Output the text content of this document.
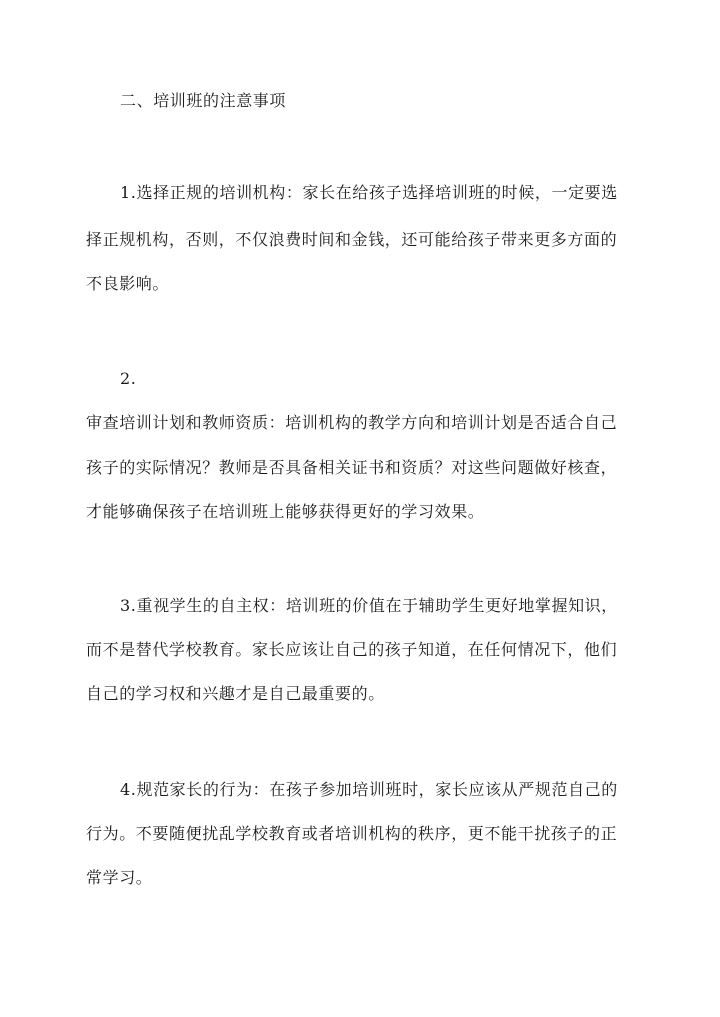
二、培训班的注意事项
1.选择正规的培训机构：家长在给孩子选择培训班的时候，一定要选
择正规机构，否则，不仅浪费时间和金钱，还可能给孩子带来更多方面的
不良影响。
2.
审查培训计划和教师资质：培训机构的教学方向和培训计划是否适合自己
孩子的实际情况？教师是否具备相关证书和资质？对这些问题做好核查，
才能够确保孩子在培训班上能够获得更好的学习效果。
3.重视学生的自主权：培训班的价值在于辅助学生更好地掌握知识，
而不是替代学校教育。家长应该让自己的孩子知道，在任何情况下，他们
自己的学习权和兴趣才是自己最重要的。
4.规范家长的行为：在孩子参加培训班时，家长应该从严规范自己的
行为。不要随便扰乱学校教育或者培训机构的秩序，更不能干扰孩子的正
常学习。
